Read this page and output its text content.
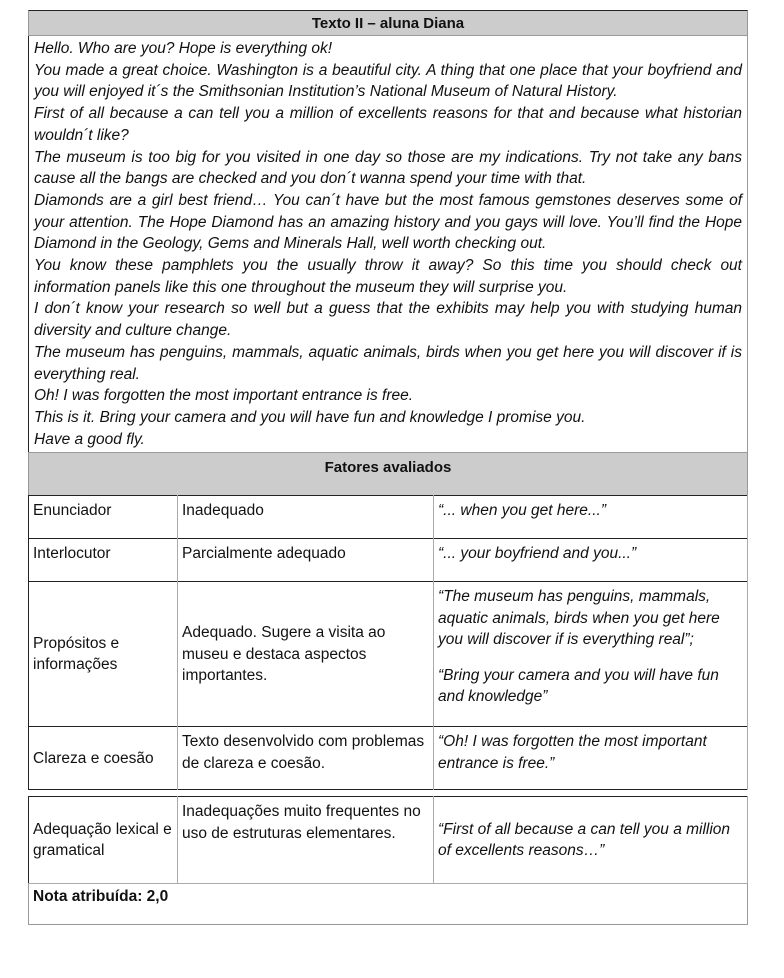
Texto II – aluna Diana

Hello. Who are you? Hope is everything ok!

You made a great choice. Washington is a beautiful city. A thing that one place that your boyfriend and you will enjoyed it´s the Smithsonian Institution’s National Museum of Natural History.

First of all because a can tell you a million of excellents reasons for that and because what historian wouldn´t like?

The museum is too big for you visited in one day so those are my indications. Try not take any bans cause all the bangs are checked and you don´t wanna spend your time with that.

Diamonds are a girl best friend… You can´t have but the most famous gemstones deserves some of your attention. The Hope Diamond has an amazing history and you gays will love. You’ll find the Hope Diamond in the Geology, Gems and Minerals Hall, well worth checking out.

You know these pamphlets you the usually throw it away? So this time you should check out information panels like this one throughout the museum they will surprise you.

I don´t know your research so well but a guess that the exhibits may help you with studying human diversity and culture change.

The museum has penguins, mammals, aquatic animals, birds when you get here you will discover if is everything real.

Oh! I was forgotten the most important entrance is free.

This is it. Bring your camera and you will have fun and knowledge I promise you.

Have a good fly.

Fatores avaliados
Enunciador	Inadequado	“... when you get here...”
Interlocutor	Parcialmente adequado	“... your boyfriend and you...”
Propósitos e informações	Adequado. Sugere a visita ao museu e destaca aspectos importantes.	“The museum has penguins, mammals, aquatic animals, birds when you get here you will discover if is everything real”;

“Bring your camera and you will have fun and knowledge”

Clareza e coesão	Texto desenvolvido com problemas de clareza e coesão.	“Oh! I was forgotten the most important entrance is free.”
Adequação lexical e gramatical	Inadequações muito frequentes no uso de estruturas elementares.	“First of all because a can tell you a million of excellents reasons…”
Nota atribuída: 2,0
